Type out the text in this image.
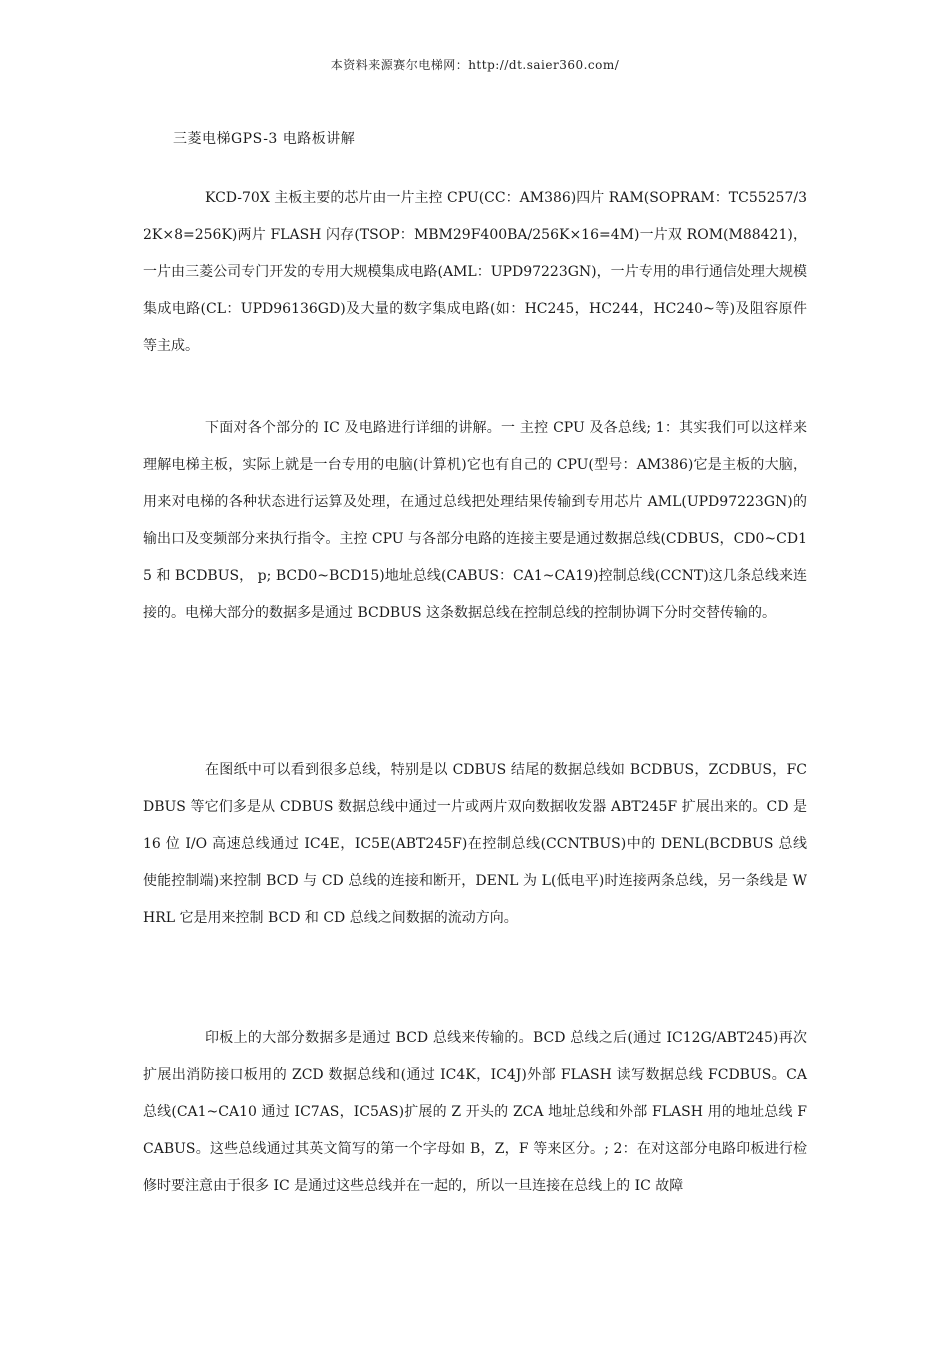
本资料来源赛尔电梯网：http://dt.saier360.com/
三菱电梯GPS-3 电路板讲解

KCD-70X 主板主要的芯片由一片主控 CPU(CC：AM386)四片 RAM(SOPRAM：TC55257/32K×8=256K)两片 FLASH 闪存(TSOP：MBM29F400BA/256K×16=4M)一片双 ROM(M88421)，一片由三菱公司专门开发的专用大规模集成电路(AML：UPD97223GN)，一片专用的串行通信处理大规模集成电路(CL：UPD96136GD)及大量的数字集成电路(如：HC245，HC244，HC240~等)及阻容原件等主成。

下面对各个部分的 IC 及电路进行详细的讲解。一 主控 CPU 及各总线; 1：其实我们可以这样来理解电梯主板，实际上就是一台专用的电脑(计算机)它也有自己的 CPU(型号：AM386)它是主板的大脑，用来对电梯的各种状态进行运算及处理，在通过总线把处理结果传输到专用芯片 AML(UPD97223GN)的输出口及变频部分来执行指令。主控 CPU 与各部分电路的连接主要是通过数据总线(CDBUS，CD0~CD15 和 BCDBUS， p; BCD0~BCD15)地址总线(CABUS：CA1~CA19)控制总线(CCNT)这几条总线来连接的。电梯大部分的数据多是通过 BCDBUS 这条数据总线在控制总线的控制协调下分时交替传输的。

在图纸中可以看到很多总线，特别是以 CDBUS 结尾的数据总线如 BCDBUS，ZCDBUS，FCDBUS 等它们多是从 CDBUS 数据总线中通过一片或两片双向数据收发器 ABT245F 扩展出来的。CD 是 16 位 I/O 高速总线通过 IC4E，IC5E(ABT245F)在控制总线(CCNTBUS)中的 DENL(BCDBUS 总线使能控制端)来控制 BCD 与 CD 总线的连接和断开，DENL 为 L(低电平)时连接两条总线，另一条线是 WHRL 它是用来控制 BCD 和 CD 总线之间数据的流动方向。

印板上的大部分数据多是通过 BCD 总线来传输的。BCD 总线之后(通过 IC12G/ABT245)再次扩展出消防接口板用的 ZCD 数据总线和(通过 IC4K，IC4J)外部 FLASH 读写数据总线 FCDBUS。CA 总线(CA1~CA10 通过 IC7AS，IC5AS)扩展的 Z 开头的 ZCA 地址总线和外部 FLASH 用的地址总线 FCABUS。这些总线通过其英文简写的第一个字母如 B，Z，F 等来区分。; 2：在对这部分电路印板进行检修时要注意由于很多 IC 是通过这些总线并在一起的，所以一旦连接在总线上的 IC 故障
